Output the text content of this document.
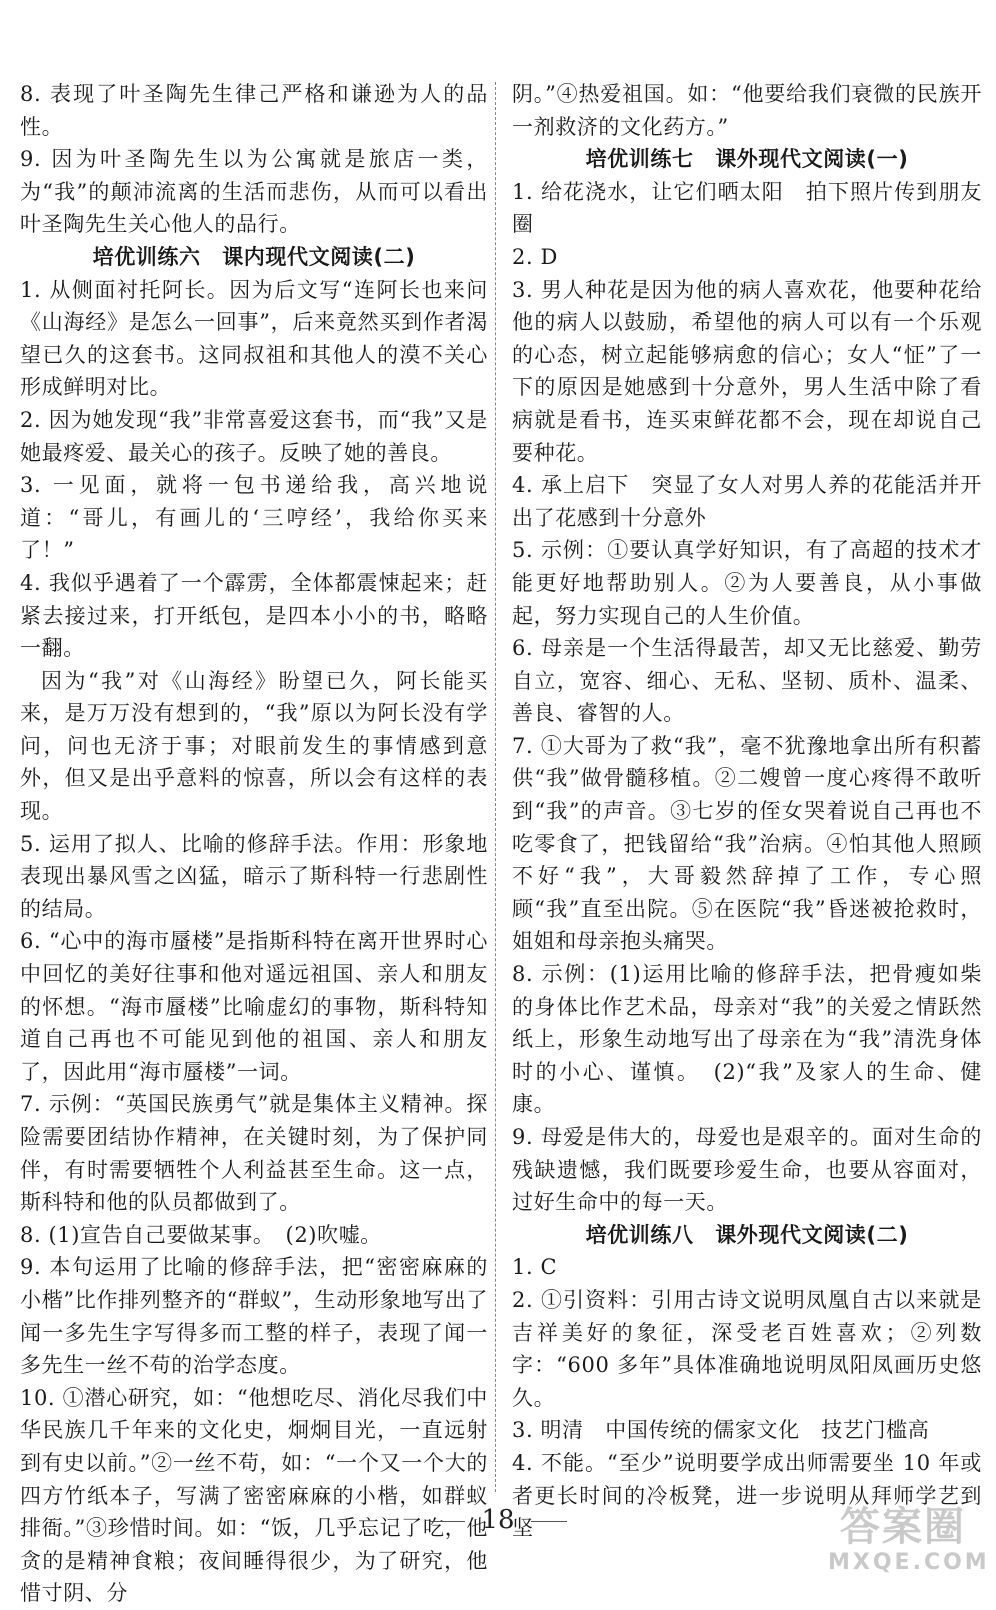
8. 表现了叶圣陶先生律己严格和谦逊为人的品性。

9. 因为叶圣陶先生以为公寓就是旅店一类，为“我”的颠沛流离的生活而悲伤，从而可以看出叶圣陶先生关心他人的品行。

培优训练六　课内现代文阅读(二)

1. 从侧面衬托阿长。因为后文写“连阿长也来问《山海经》是怎么一回事”，后来竟然买到作者渴望已久的这套书。这同叔祖和其他人的漠不关心形成鲜明对比。

2. 因为她发现“我”非常喜爱这套书，而“我”又是她最疼爱、最关心的孩子。反映了她的善良。

3. 一见面，就将一包书递给我，高兴地说道：“哥儿，有画儿的‘三哼经’，我给你买来了！”

4. 我似乎遇着了一个霹雳，全体都震悚起来；赶紧去接过来，打开纸包，是四本小小的书，略略一翻。

因为“我”对《山海经》盼望已久，阿长能买来，是万万没有想到的，“我”原以为阿长没有学问，问也无济于事；对眼前发生的事情感到意外，但又是出乎意料的惊喜，所以会有这样的表现。

5. 运用了拟人、比喻的修辞手法。作用：形象地表现出暴风雪之凶猛，暗示了斯科特一行悲剧性的结局。

6. “心中的海市蜃楼”是指斯科特在离开世界时心中回忆的美好往事和他对遥远祖国、亲人和朋友的怀想。“海市蜃楼”比喻虚幻的事物，斯科特知道自己再也不可能见到他的祖国、亲人和朋友了，因此用“海市蜃楼”一词。

7. 示例：“英国民族勇气”就是集体主义精神。探险需要团结协作精神，在关键时刻，为了保护同伴，有时需要牺牲个人利益甚至生命。这一点，斯科特和他的队员都做到了。

8. (1)宣告自己要做某事。　(2)吹嘘。

9. 本句运用了比喻的修辞手法，把“密密麻麻的小楷”比作排列整齐的“群蚁”，生动形象地写出了闻一多先生字写得多而工整的样子，表现了闻一多先生一丝不苟的治学态度。

10. ①潜心研究，如：“他想吃尽、消化尽我们中华民族几千年来的文化史，炯炯目光，一直远射到有史以前。”②一丝不苟，如：“一个又一个大的四方竹纸本子，写满了密密麻麻的小楷，如群蚁排衙。”③珍惜时间。如：“饭，几乎忘记了吃，他贪的是精神食粮；夜间睡得很少，为了研究，他惜寸阴、分

阴。”④热爱祖国。如：“他要给我们衰微的民族开一剂救济的文化药方。”

培优训练七　课外现代文阅读(一)

1. 给花浇水，让它们晒太阳　拍下照片传到朋友圈

2. D

3. 男人种花是因为他的病人喜欢花，他要种花给他的病人以鼓励，希望他的病人可以有一个乐观的心态，树立起能够病愈的信心；女人“怔”了一下的原因是她感到十分意外，男人生活中除了看病就是看书，连买束鲜花都不会，现在却说自己要种花。

4. 承上启下　突显了女人对男人养的花能活并开出了花感到十分意外

5. 示例：①要认真学好知识，有了高超的技术才能更好地帮助别人。②为人要善良，从小事做起，努力实现自己的人生价值。

6. 母亲是一个生活得最苦，却又无比慈爱、勤劳自立，宽容、细心、无私、坚韧、质朴、温柔、善良、睿智的人。

7. ①大哥为了救“我”，毫不犹豫地拿出所有积蓄供“我”做骨髓移植。②二嫂曾一度心疼得不敢听到“我”的声音。③七岁的侄女哭着说自己再也不吃零食了，把钱留给“我”治病。④怕其他人照顾不好“我”，大哥毅然辞掉了工作，专心照顾“我”直至出院。⑤在医院“我”昏迷被抢救时，姐姐和母亲抱头痛哭。

8. 示例：(1)运用比喻的修辞手法，把骨瘦如柴的身体比作艺术品，母亲对“我”的关爱之情跃然纸上，形象生动地写出了母亲在为“我”清洗身体时的小心、谨慎。　(2)“我”及家人的生命、健康。

9. 母爱是伟大的，母爱也是艰辛的。面对生命的残缺遗憾，我们既要珍爱生命，也要从容面对，过好生命中的每一天。

培优训练八　课外现代文阅读(二)

1. C

2. ①引资料：引用古诗文说明凤凰自古以来就是吉祥美好的象征，深受老百姓喜欢；②列数字：“600 多年”具体准确地说明凤阳凤画历史悠久。

3. 明清　中国传统的儒家文化　技艺门槛高

4. 不能。“至少”说明要学成出师需要坐 10 年或者更长时间的冷板凳，进一步说明从拜师学艺到坚

18	答案圈
MXQE.COM
